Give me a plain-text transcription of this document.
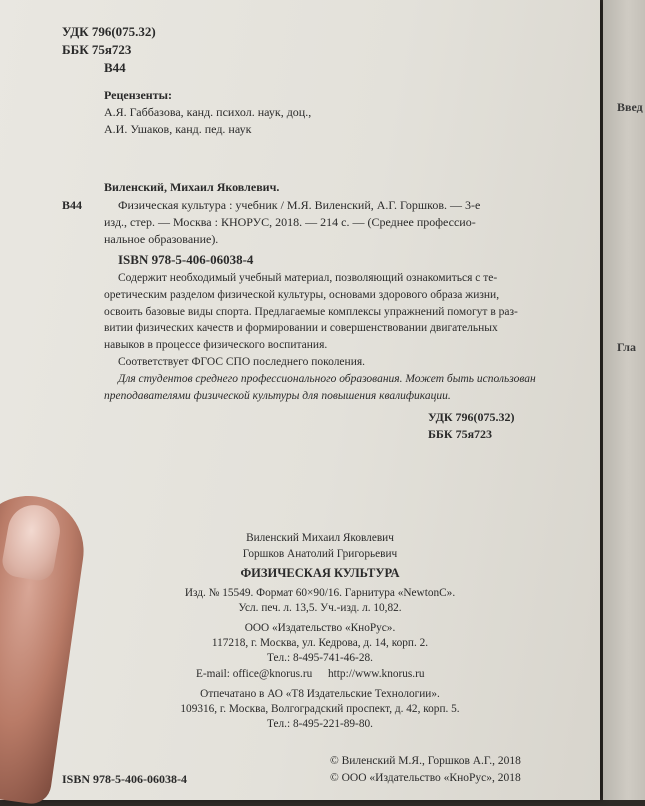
УДК 796(075.32)
ББК 75я723
В44
Рецензенты:
А.Я. Габбазова, канд. психол. наук, доц.,
А.И. Ушаков, канд. пед. наук
Виленский, Михаил Яковлевич.
В44	Физическая культура : учебник / М.Я. Виленский, А.Г. Горшков. — 3-е
изд., стер. — Москва : КНОРУС, 2018. — 214 с. — (Среднее профессио-
нальное образование).
ISBN 978-5-406-06038-4
Содержит необходимый учебный материал, позволяющий ознакомиться с те-
оретическим разделом физической культуры, основами здорового образа жизни,
освоить базовые виды спорта. Предлагаемые комплексы упражнений помогут в раз-
витии физических качеств и формировании и совершенствовании двигательных
навыков в процессе физического воспитания.
Соответствует ФГОС СПО последнего поколения.
Для студентов среднего профессионального образования. Может быть использован
преподавателями физической культуры для повышения квалификации.
УДК 796(075.32)
ББК 75я723
Виленский Михаил Яковлевич
Горшков Анатолий Григорьевич
ФИЗИЧЕСКАЯ КУЛЬТУРА
Изд. № 15549. Формат 60×90/16. Гарнитура «NewtonC».
Усл. печ. л. 13,5. Уч.-изд. л. 10,82.
ООО «Издательство «КноРус».
117218, г. Москва, ул. Кедрова, д. 14, корп. 2.
Тел.: 8-495-741-46-28.
E-mail: office@knorus.ru http://www.knorus.ru
Отпечатано в АО «Т8 Издательские Технологии».
109316, г. Москва, Волгоградский проспект, д. 42, корп. 5.
Тел.: 8-495-221-89-80.
© Виленский М.Я., Горшков А.Г., 2018
ISBN 978-5-406-06038-4	© ООО «Издательство «КноРус», 2018
Введ
Гла
